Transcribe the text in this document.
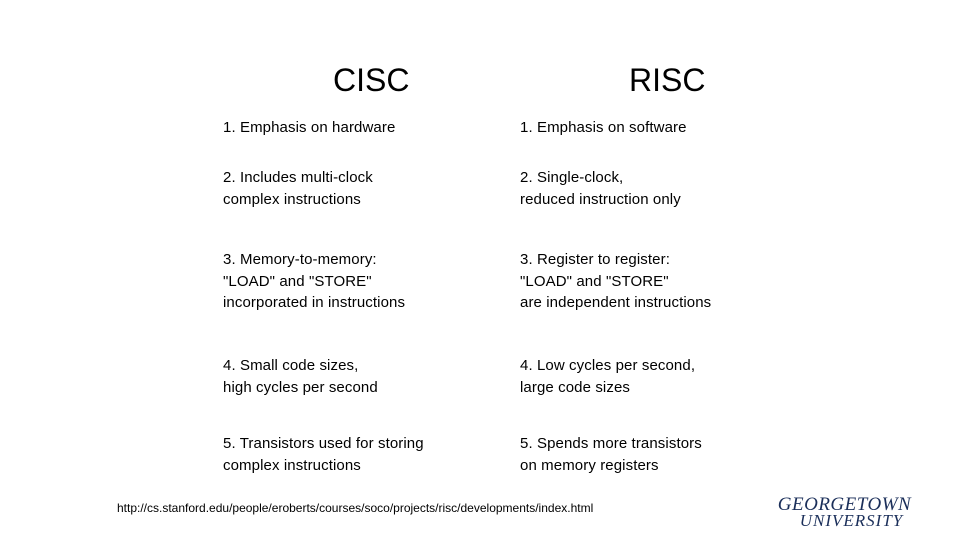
CISC	RISC
1. Emphasis on hardware
2. Includes multi-clock
complex instructions
3. Memory-to-memory:
"LOAD" and "STORE"
incorporated in instructions
4. Small code sizes,
high cycles per second
5. Transistors used for storing
complex instructions
1. Emphasis on software
2. Single-clock,
reduced instruction only
3. Register to register:
"LOAD" and "STORE"
are independent instructions
4. Low cycles per second,
large code sizes
5. Spends more transistors
on memory registers
http://cs.stanford.edu/people/eroberts/courses/soco/projects/risc/developments/index.html	GEORGETOWN
UNIVERSITY
